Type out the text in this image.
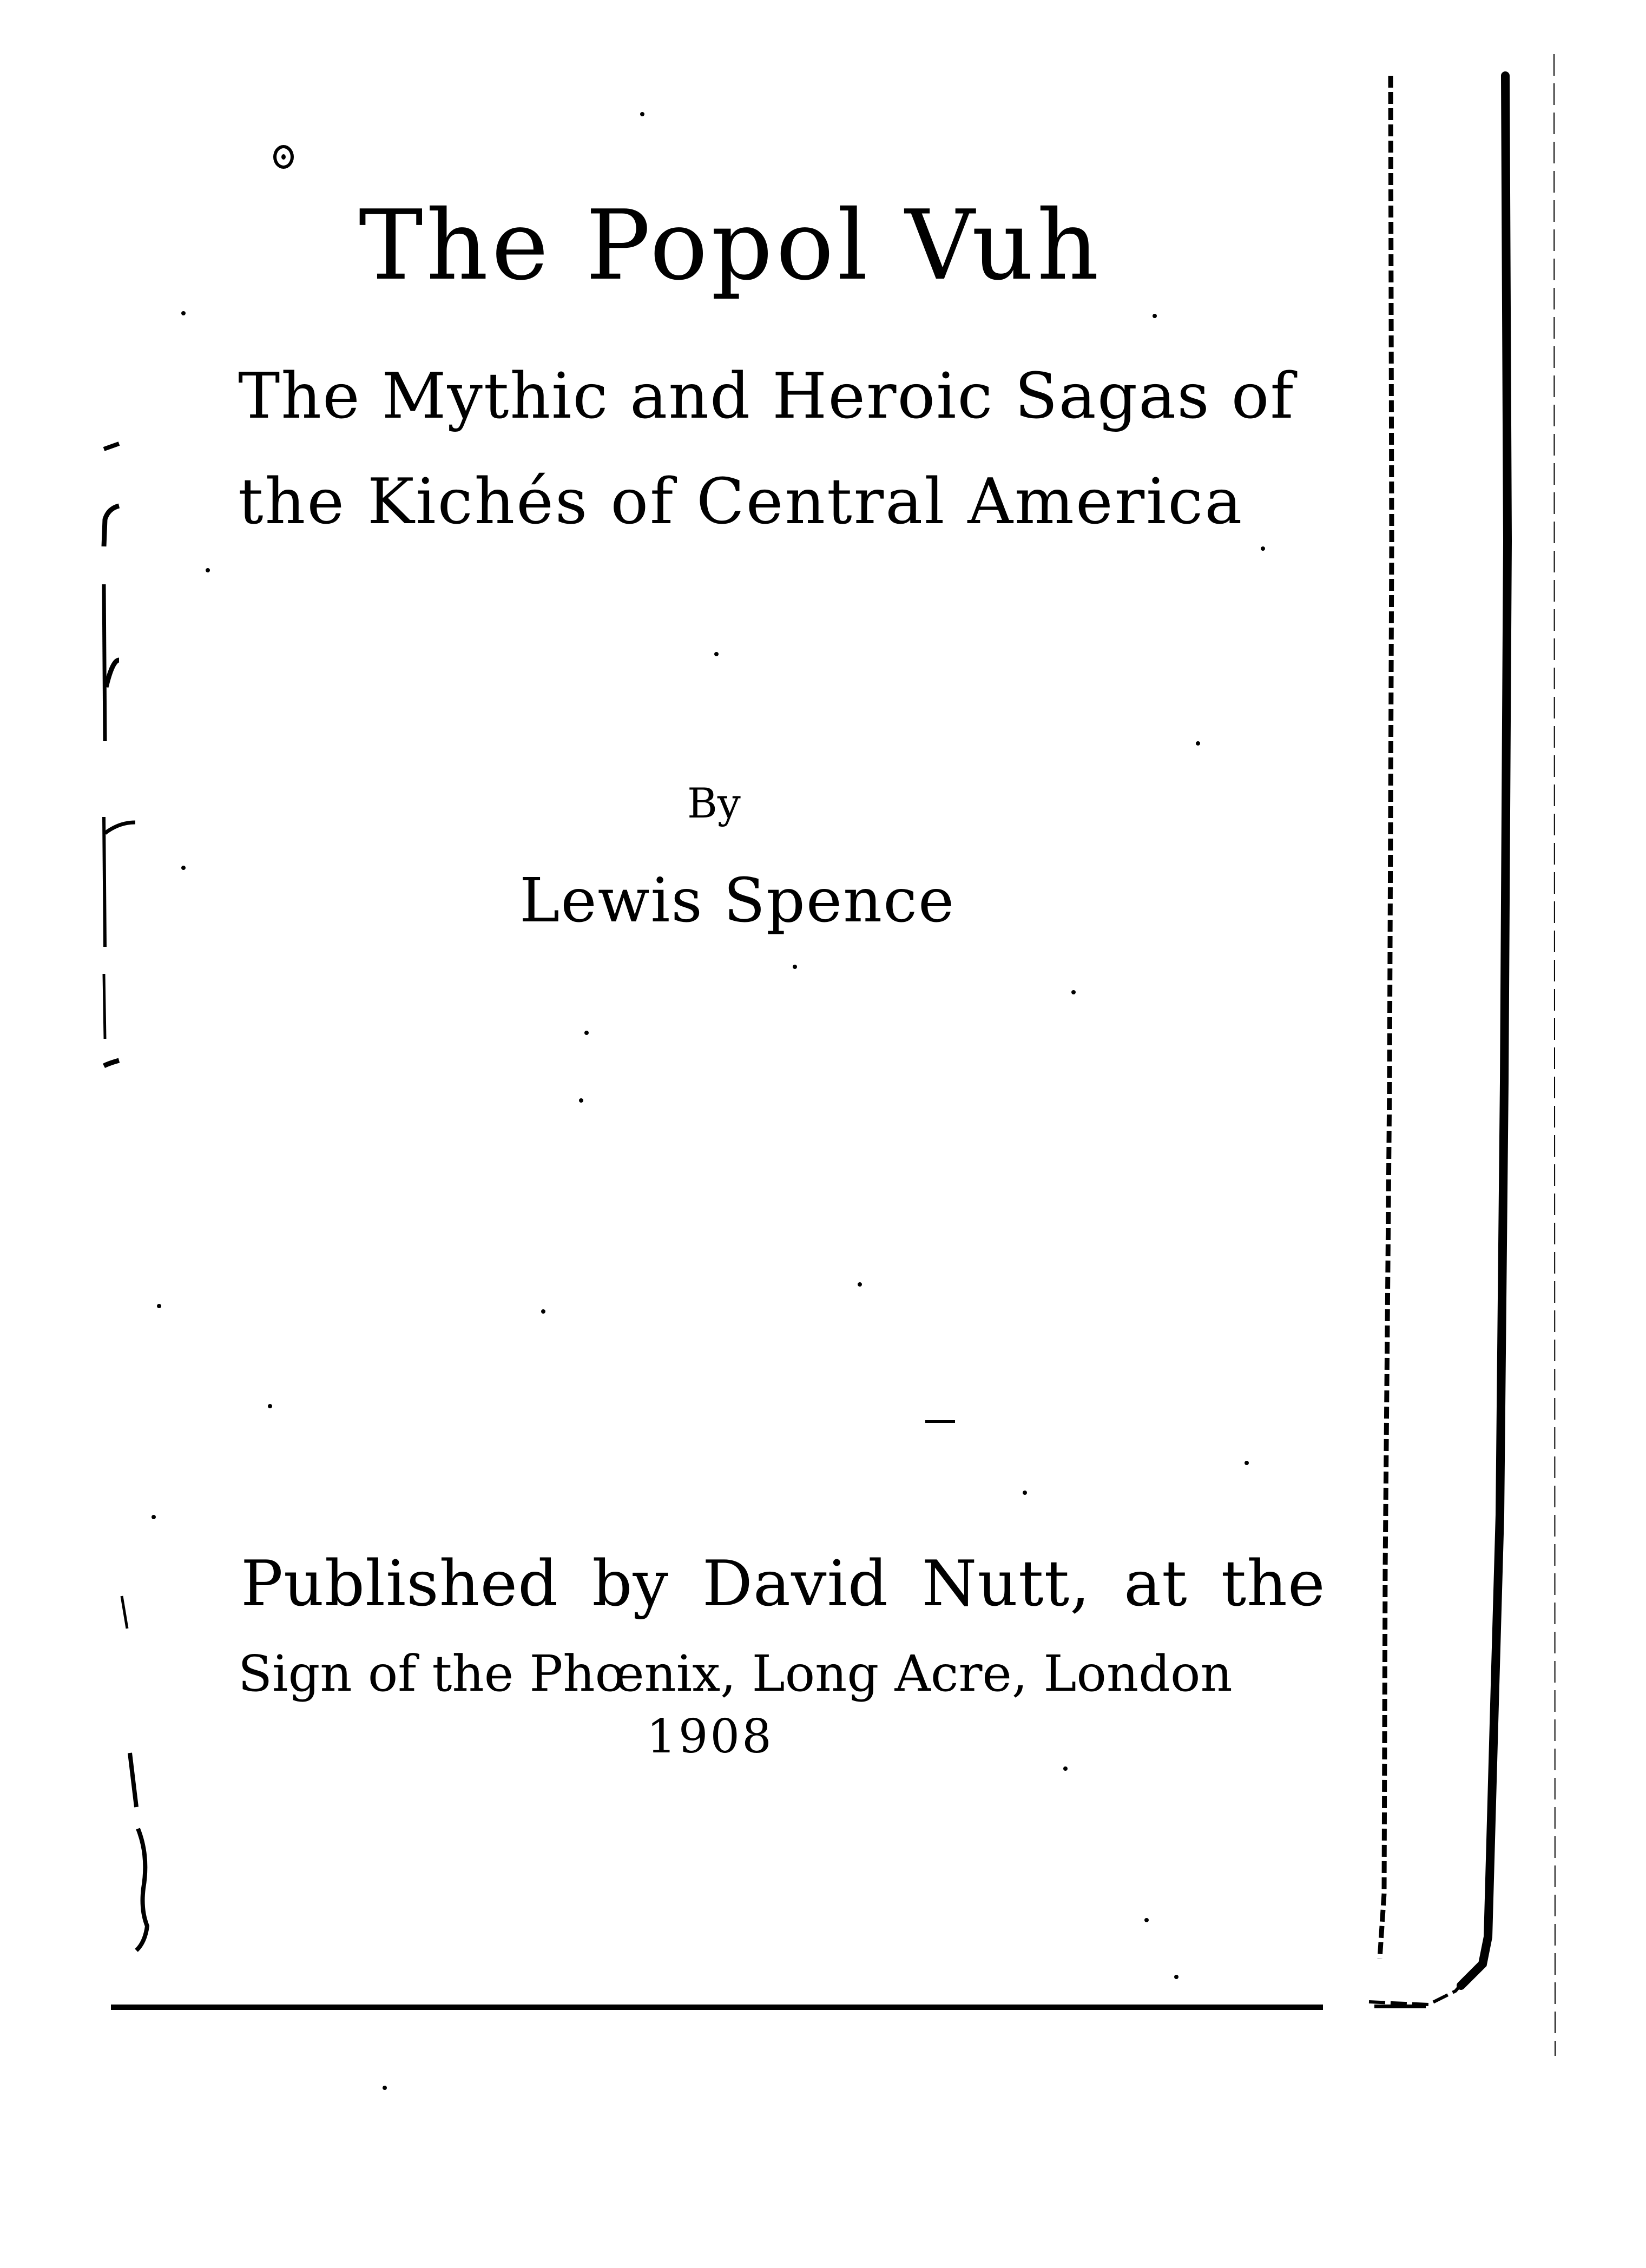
The Popol Vuh
The Mythic and Heroic Sagas of
the Kichés of Central America
By
Lewis Spence
Published by David Nutt, at the
Sign of the Phœnix, Long Acre, London
1908
